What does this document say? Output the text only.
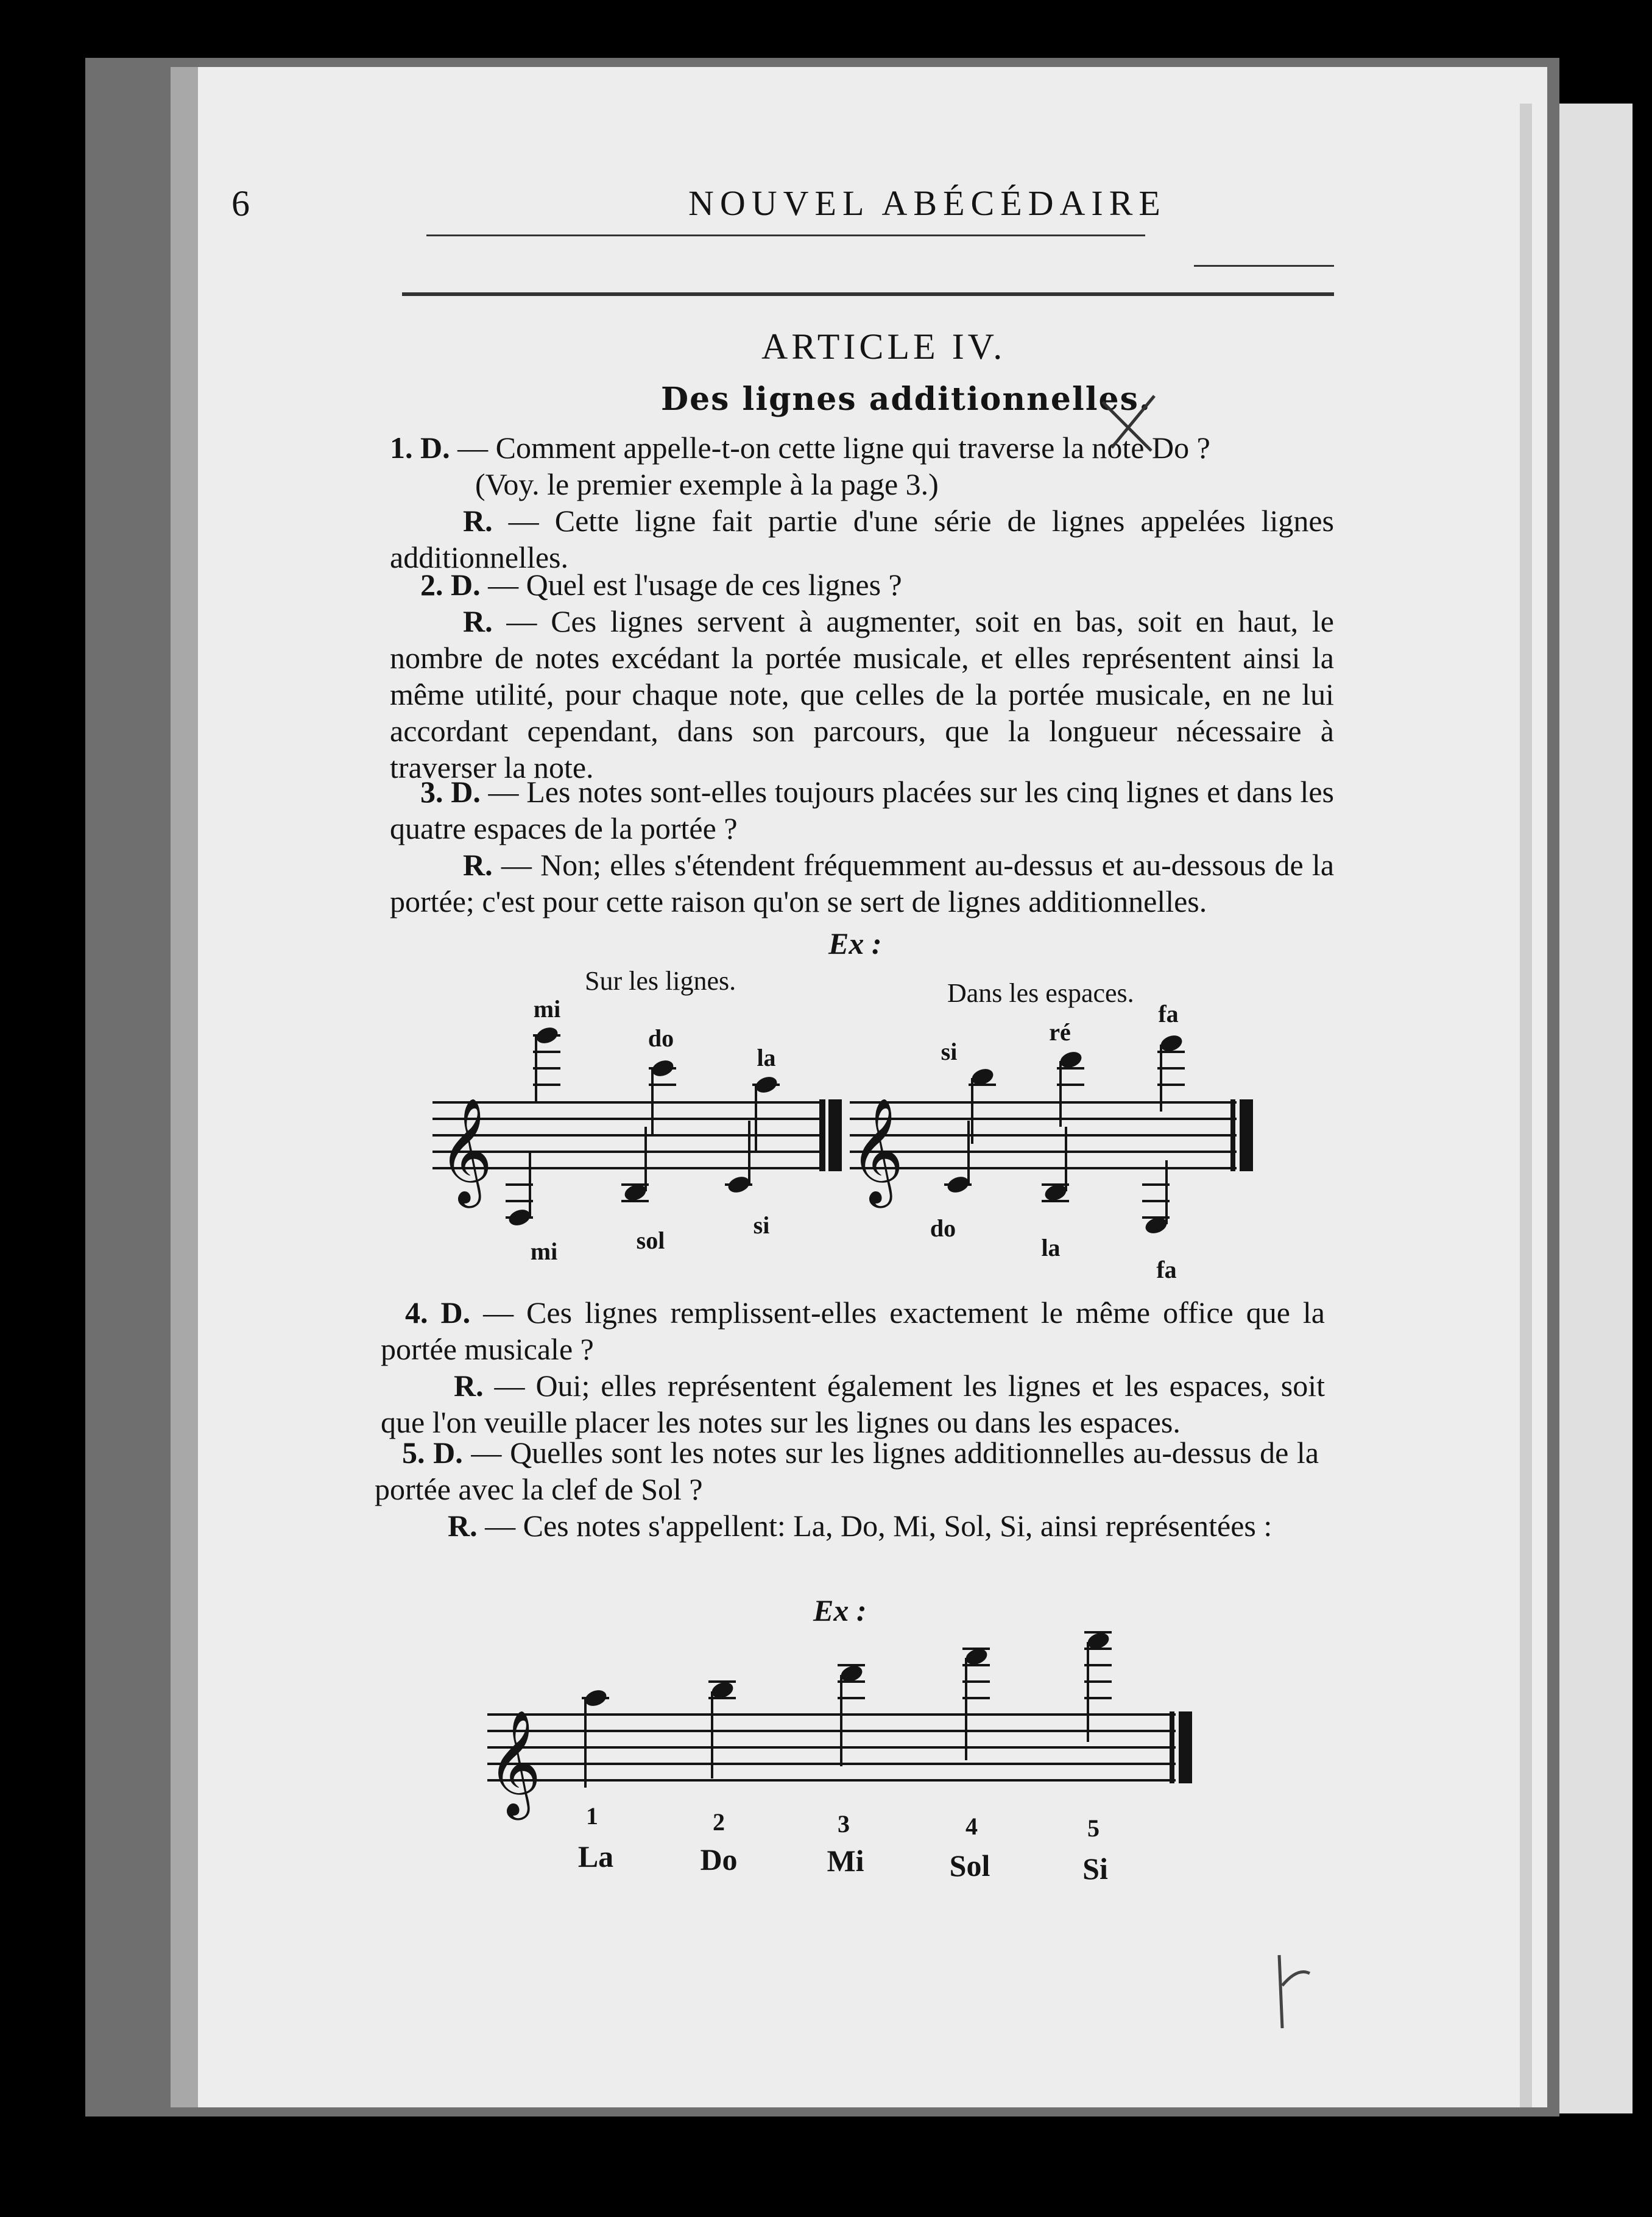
6	NOUVEL ABÉCÉDAIRE
ARTICLE IV.
Des lignes additionnelles.
1. D. — Comment appelle-t-on cette ligne qui traverse la note Do ?
(Voy. le premier exemple à la page 3.)
R. — Cette ligne fait partie d'une série de lignes appelées lignes additionnelles.
2. D. — Quel est l'usage de ces lignes ?
R. — Ces lignes servent à augmenter, soit en bas, soit en haut, le nombre de notes excédant la portée musicale, et elles représentent ainsi la même utilité, pour chaque note, que celles de la portée musicale, en ne lui accordant cependant, dans son parcours, que la longueur nécessaire à traverser la note.
3. D. — Les notes sont-elles toujours placées sur les cinq lignes et dans les quatre espaces de la portée ?
R. — Non; elles s'étendent fréquemment au-dessus et au-dessous de la portée; c'est pour cette raison qu'on se sert de lignes additionnelles.
Ex :
Sur les lignes.	Dans les espaces.
𝄞
mi
do
la
mi	sol
si
𝄞
si
ré
fa
do
la
fa
4. D. — Ces lignes remplissent-elles exactement le même office que la portée musicale ?
R. — Oui; elles représentent également les lignes et les espaces, soit que l'on veuille placer les notes sur les lignes ou dans les espaces.
5. D. — Quelles sont les notes sur les lignes additionnelles au-dessus de la portée avec la clef de Sol ?
R. — Ces notes s'appellent: La, Do, Mi, Sol, Si, ainsi représentées :
Ex :
𝄞
1	2	3	4	5
La	Do	Mi	Sol	Si
